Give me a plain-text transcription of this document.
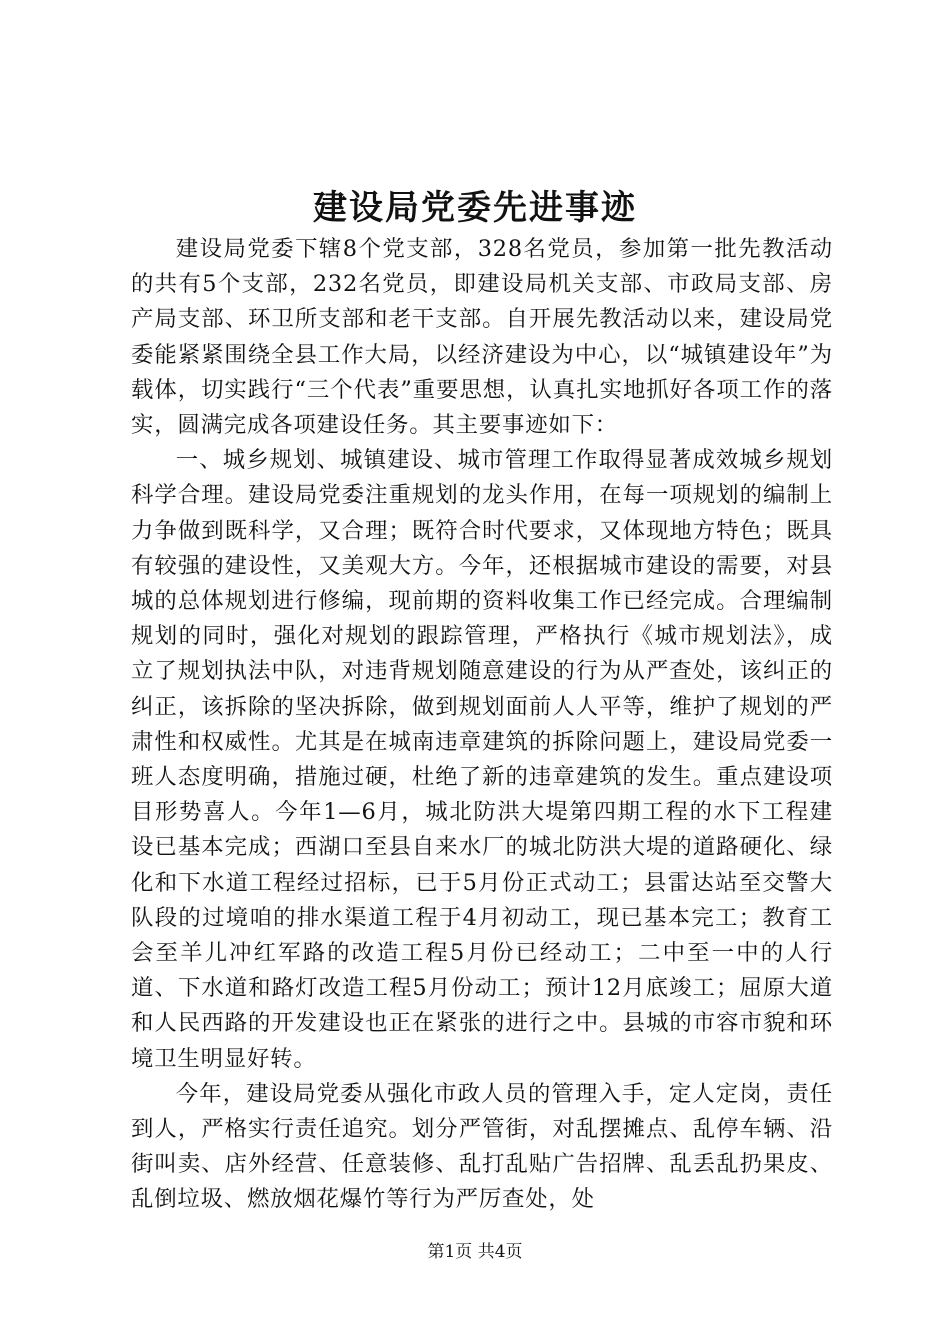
建设局党委先进事迹

建设局党委下辖8个党支部，328名党员，参加第一批先教活动的共有5个支部，232名党员，即建设局机关支部、市政局支部、房产局支部、环卫所支部和老干支部。自开展先教活动以来，建设局党委能紧紧围绕全县工作大局，以经济建设为中心，以“城镇建设年”为载体，切实践行“三个代表”重要思想，认真扎实地抓好各项工作的落实，圆满完成各项建设任务。其主要事迹如下：

一、城乡规划、城镇建设、城市管理工作取得显著成效城乡规划科学合理。建设局党委注重规划的龙头作用，在每一项规划的编制上力争做到既科学，又合理；既符合时代要求，又体现地方特色；既具有较强的建设性，又美观大方。今年，还根据城市建设的需要，对县城的总体规划进行修编，现前期的资料收集工作已经完成。合理编制规划的同时，强化对规划的跟踪管理，严格执行《城市规划法》，成立了规划执法中队，对违背规划随意建设的行为从严查处，该纠正的纠正，该拆除的坚决拆除，做到规划面前人人平等，维护了规划的严肃性和权威性。尤其是在城南违章建筑的拆除问题上，建设局党委一班人态度明确，措施过硬，杜绝了新的违章建筑的发生。重点建设项目形势喜人。今年1—6月，城北防洪大堤第四期工程的水下工程建设已基本完成；西湖口至县自来水厂的城北防洪大堤的道路硬化、绿化和下水道工程经过招标，已于5月份正式动工；县雷达站至交警大队段的过境咱的排水渠道工程于4月初动工，现已基本完工；教育工会至羊儿冲红军路的改造工程5月份已经动工；二中至一中的人行道、下水道和路灯改造工程5月份动工；预计12月底竣工；屈原大道和人民西路的开发建设也正在紧张的进行之中。县城的市容市貌和环境卫生明显好转。

今年，建设局党委从强化市政人员的管理入手，定人定岗，责任到人，严格实行责任追究。划分严管街，对乱摆摊点、乱停车辆、沿街叫卖、店外经营、任意装修、乱打乱贴广告招牌、乱丢乱扔果皮、乱倒垃圾、燃放烟花爆竹等行为严厉查处，处

第1页 共4页
